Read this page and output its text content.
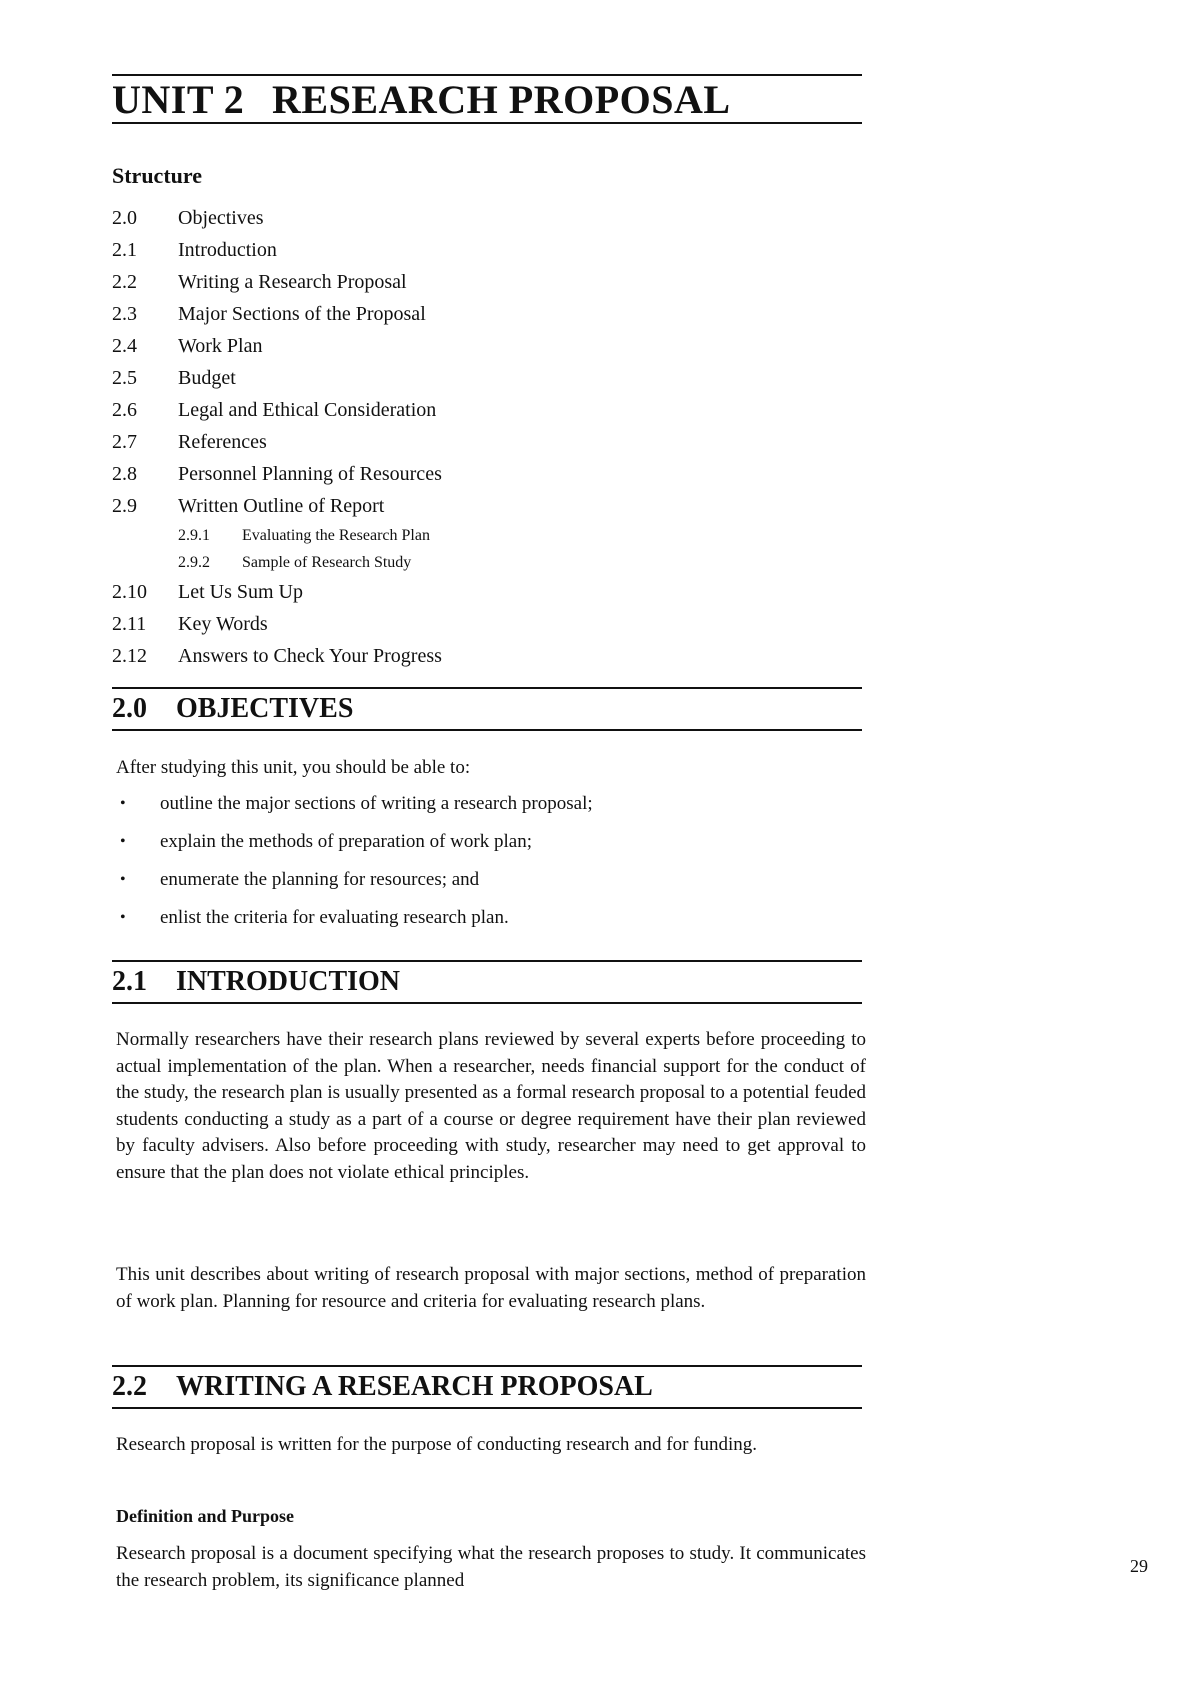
UNIT 2 RESEARCH PROPOSAL
Structure
2.0	Objectives
2.1	Introduction
2.2	Writing a Research Proposal
2.3	Major Sections of the Proposal
2.4	Work Plan
2.5	Budget
2.6	Legal and Ethical Consideration
2.7	References
2.8	Personnel Planning of Resources
2.9	Written Outline of Report
2.9.1	Evaluating the Research Plan
2.9.2	Sample of Research Study
2.10	Let Us Sum Up
2.11	Key Words
2.12	Answers to Check Your Progress
2.0 OBJECTIVES
After studying this unit, you should be able to:
• outline the major sections of writing a research proposal;
• explain the methods of preparation of work plan;
• enumerate the planning for resources; and
• enlist the criteria for evaluating research plan.
2.1 INTRODUCTION
Normally researchers have their research plans reviewed by several experts before proceeding to actual implementation of the plan. When a researcher, needs financial support for the conduct of the study, the research plan is usually presented as a formal research proposal to a potential feuded students conducting a study as a part of a course or degree requirement have their plan reviewed by faculty advisers. Also before proceeding with study, researcher may need to get approval to ensure that the plan does not violate ethical principles.
This unit describes about writing of research proposal with major sections, method of preparation of work plan. Planning for resource and criteria for evaluating research plans.
2.2 WRITING A RESEARCH PROPOSAL
Research proposal is written for the purpose of conducting research and for funding.
Definition and Purpose
Research proposal is a document specifying what the research proposes to study. It communicates the research problem, its significance planned
29
